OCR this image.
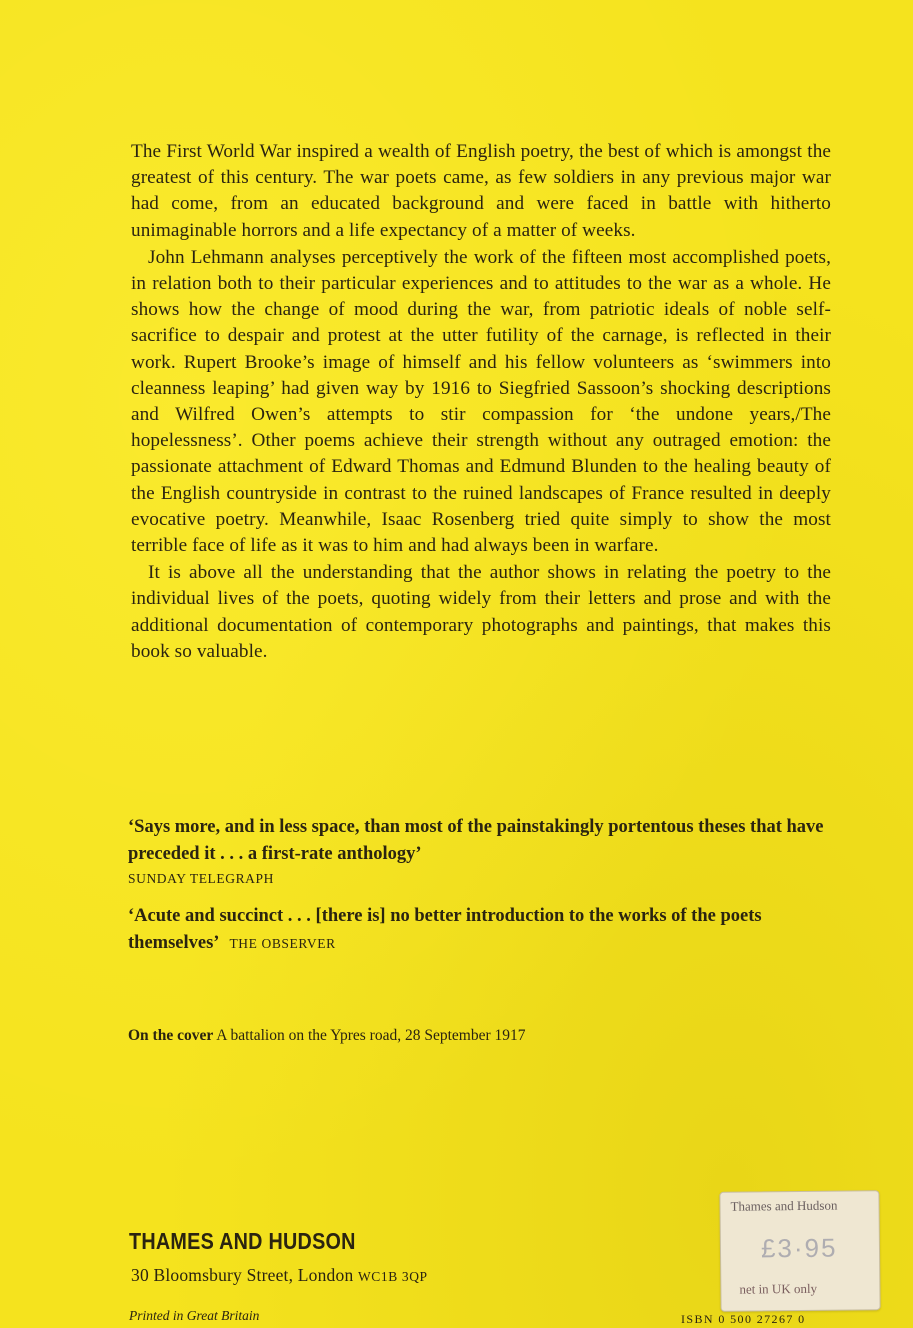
The First World War inspired a wealth of English poetry, the best of which is amongst the greatest of this century. The war poets came, as few soldiers in any previous major war had come, from an educated background and were faced in battle with hitherto unimaginable horrors and a life expectancy of a matter of weeks.

John Lehmann analyses perceptively the work of the fifteen most accomplished poets, in relation both to their particular experiences and to attitudes to the war as a whole. He shows how the change of mood during the war, from patriotic ideals of noble self-sacrifice to despair and protest at the utter futility of the carnage, is reflected in their work. Rupert Brooke’s image of himself and his fellow volunteers as ‘swimmers into cleanness leaping’ had given way by 1916 to Siegfried Sassoon’s shocking descriptions and Wilfred Owen’s attempts to stir compassion for ‘the undone years,/The hopelessness’. Other poems achieve their strength without any outraged emotion: the passionate attachment of Edward Thomas and Edmund Blunden to the healing beauty of the English countryside in contrast to the ruined landscapes of France resulted in deeply evocative poetry. Meanwhile, Isaac Rosenberg tried quite simply to show the most terrible face of life as it was to him and had always been in warfare.

It is above all the understanding that the author shows in relating the poetry to the individual lives of the poets, quoting widely from their letters and prose and with the additional documentation of contemporary photographs and paintings, that makes this book so valuable.

‘Says more, and in less space, than most of the painstakingly portentous theses that have preceded it . . . a first-rate anthology’
SUNDAY TELEGRAPH

‘Acute and succinct . . . [there is] no better introduction to the works of the poets themselves’ THE OBSERVER

On the cover A battalion on the Ypres road, 28 September 1917
THAMES AND HUDSON
30 Bloomsbury Street, London WC1B 3QP
Printed in Great Britain	ISBN 0 500 27267 0
Thames and Hudson
£3·95
net in UK only
